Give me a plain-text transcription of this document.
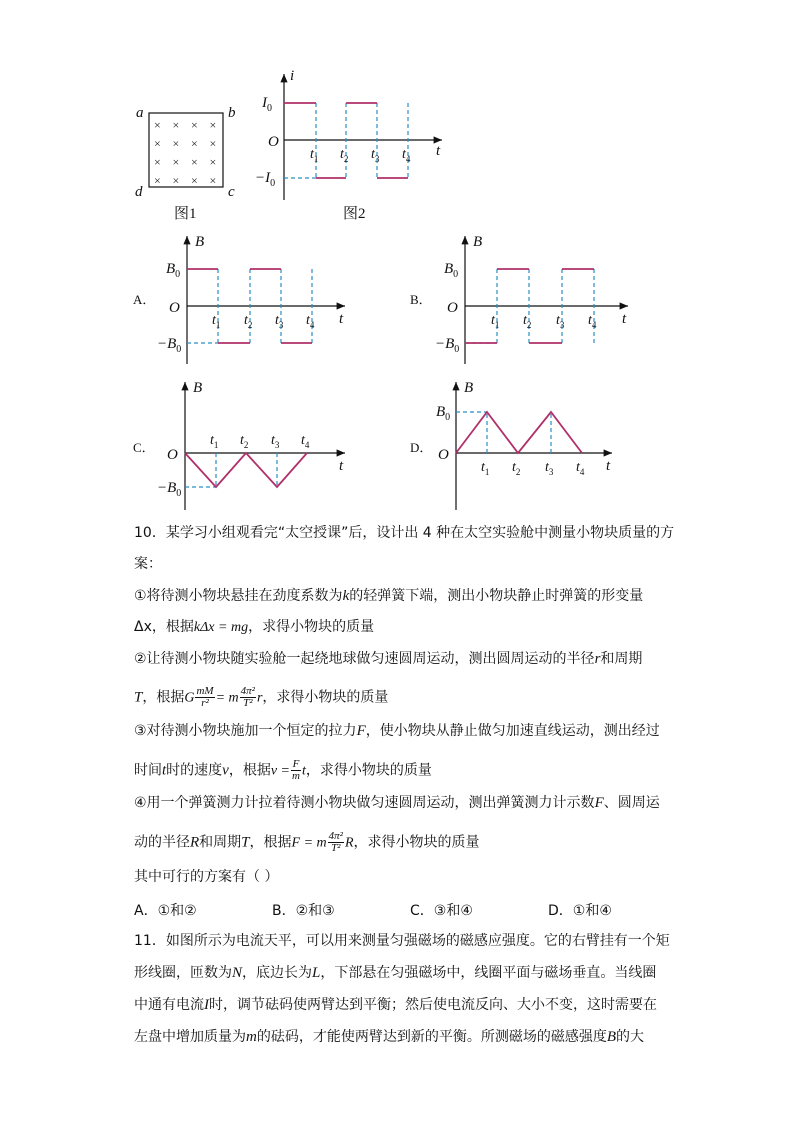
× × × ×
× × × ×
× × × ×
× × × ×
a	b
c
d
图1
i
O
t
$I_0$
$-I_0$
$t_1$ $t_2$ $t_3$ $t_4$
图2
A．
B
O
t
$B_0$
$-B_0$
$t_1$ $t_2$ $t_3$ $t_4$
B．
B
O
t
$B_0$
$-B_0$
$t_1$ $t_2$ $t_3$ $t_4$
C．
B
O
t
$-B_0$
$t_1$ $t_2$ $t_3$ $t_4$	D．
B
O
t
$B_0$
$t_1$ $t_2$ $t_3$ $t_4$
10．某学习小组观看完“太空授课”后，设计出 4 种在太空实验舱中测量小物块质量的方
案：
①将待测小物块悬挂在劲度系数为k的轻弹簧下端，测出小物块静止时弹簧的形变量
Δx，根据kΔx = mg，求得小物块的质量
②让待测小物块随实验舱一起绕地球做匀速圆周运动，测出圆周运动的半径r和周期
T，根据G $\frac{mM}{\text{r²}} = m \frac{\text{4π²}}{\text{T²}}$ r，求得小物块的质量
③对待测小物块施加一个恒定的拉力F，使小物块从静止做匀加速直线运动，测出经过
时间t时的速度v，根据$v = \frac{F}{m}$ t，求得小物块的质量
④用一个弹簧测力计拉着待测小物块做匀速圆周运动，测出弹簧测力计示数F、圆周运
动的半径R和周期T，根据F = m $\frac{\text{4π²}}{\text{T²}}$ R，求得小物块的质量
其中可行的方案有（ ）
A．①和②	B．②和③	C．③和④	D．①和④
11．如图所示为电流天平，可以用来测量匀强磁场的磁感应强度。它的右臂挂有一个矩
形线圈，匝数为N，底边长为L，下部悬在匀强磁场中，线圈平面与磁场垂直。当线圈
中通有电流I时，调节砝码使两臂达到平衡；然后使电流反向、大小不变，这时需要在
左盘中增加质量为m的砝码，才能使两臂达到新的平衡。所测磁场的磁感强度B的大
